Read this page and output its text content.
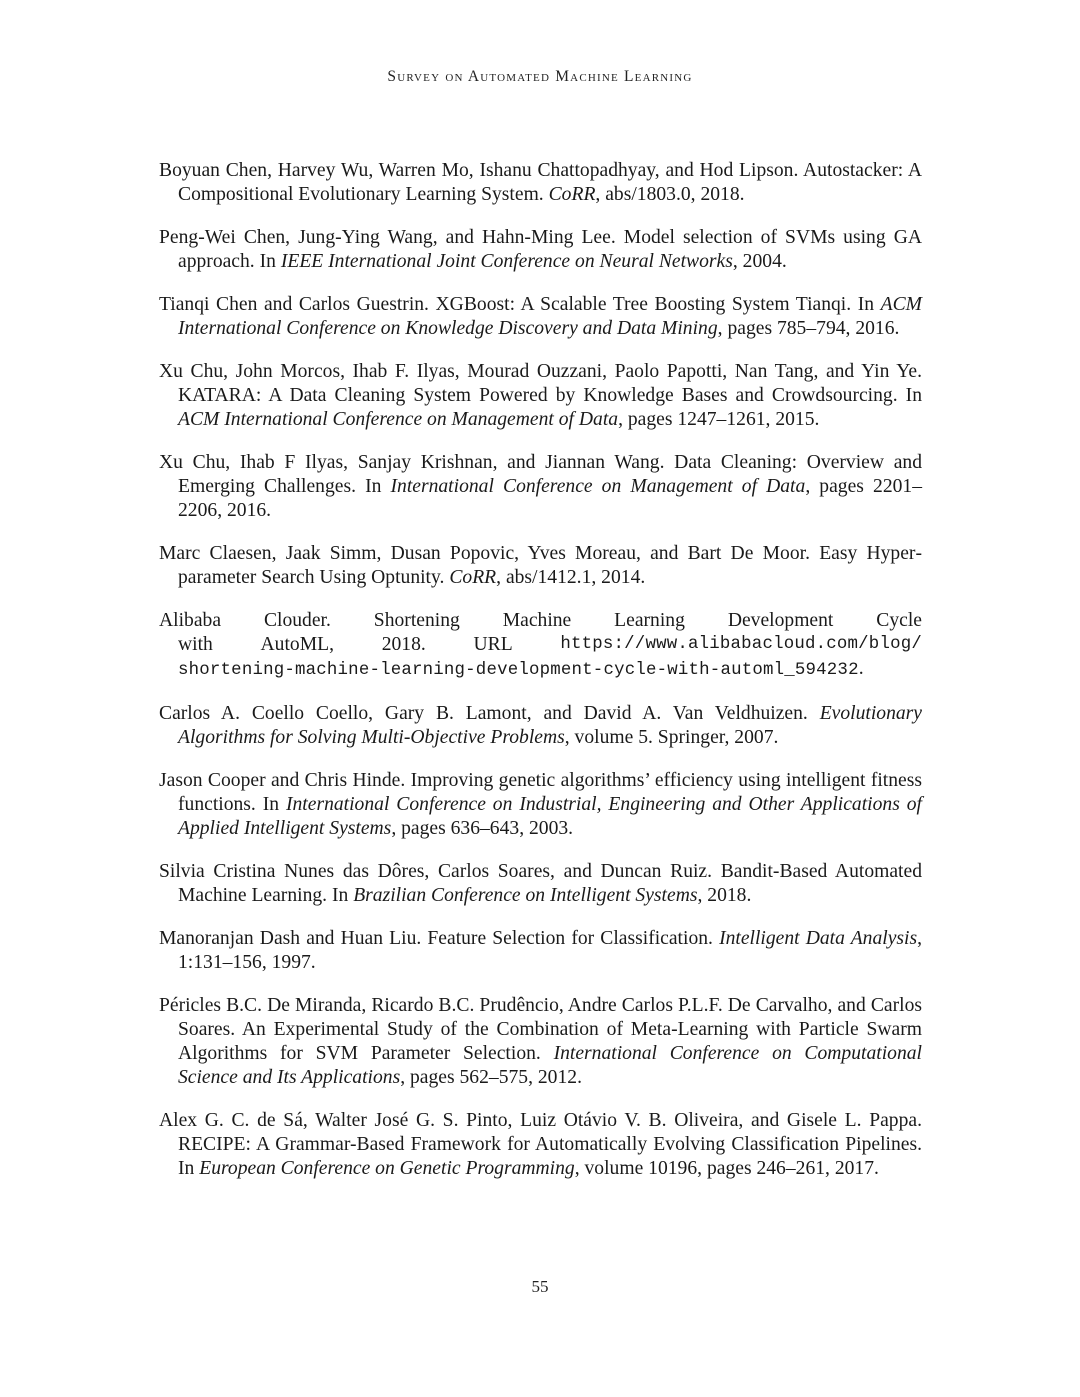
Survey on Automated Machine Learning

Boyuan Chen, Harvey Wu, Warren Mo, Ishanu Chattopadhyay, and Hod Lipson. Autostacker: A Compositional Evolutionary Learning System. CoRR, abs/1803.0, 2018.

Peng-Wei Chen, Jung-Ying Wang, and Hahn-Ming Lee. Model selection of SVMs using GA approach. In IEEE International Joint Conference on Neural Networks, 2004.

Tianqi Chen and Carlos Guestrin. XGBoost: A Scalable Tree Boosting System Tianqi. In ACM International Conference on Knowledge Discovery and Data Mining, pages 785–794, 2016.

Xu Chu, John Morcos, Ihab F. Ilyas, Mourad Ouzzani, Paolo Papotti, Nan Tang, and Yin Ye. KATARA: A Data Cleaning System Powered by Knowledge Bases and Crowdsourcing. In ACM International Conference on Management of Data, pages 1247–1261, 2015.

Xu Chu, Ihab F Ilyas, Sanjay Krishnan, and Jiannan Wang. Data Cleaning: Overview and Emerging Challenges. In International Conference on Management of Data, pages 2201–2206, 2016.

Marc Claesen, Jaak Simm, Dusan Popovic, Yves Moreau, and Bart De Moor. Easy Hyperparameter Search Using Optunity. CoRR, abs/1412.1, 2014.

Alibaba Clouder. Shortening Machine Learning Development Cycle
with AutoML, 2018. URL	https://www.alibabacloud.com/blog/
shortening-machine-learning-development-cycle-with-automl_594232.

Carlos A. Coello Coello, Gary B. Lamont, and David A. Van Veldhuizen. Evolutionary Algorithms for Solving Multi-Objective Problems, volume 5. Springer, 2007.

Jason Cooper and Chris Hinde. Improving genetic algorithms’ efficiency using intelligent fitness functions. In International Conference on Industrial, Engineering and Other Applications of Applied Intelligent Systems, pages 636–643, 2003.

Silvia Cristina Nunes das Dôres, Carlos Soares, and Duncan Ruiz. Bandit-Based Automated Machine Learning. In Brazilian Conference on Intelligent Systems, 2018.

Manoranjan Dash and Huan Liu. Feature Selection for Classification. Intelligent Data Analysis, 1:131–156, 1997.

Péricles B.C. De Miranda, Ricardo B.C. Prudêncio, Andre Carlos P.L.F. De Carvalho, and Carlos Soares. An Experimental Study of the Combination of Meta-Learning with Particle Swarm Algorithms for SVM Parameter Selection. International Conference on Computational Science and Its Applications, pages 562–575, 2012.

Alex G. C. de Sá, Walter José G. S. Pinto, Luiz Otávio V. B. Oliveira, and Gisele L. Pappa. RECIPE: A Grammar-Based Framework for Automatically Evolving Classification Pipelines. In European Conference on Genetic Programming, volume 10196, pages 246–261, 2017.

55
